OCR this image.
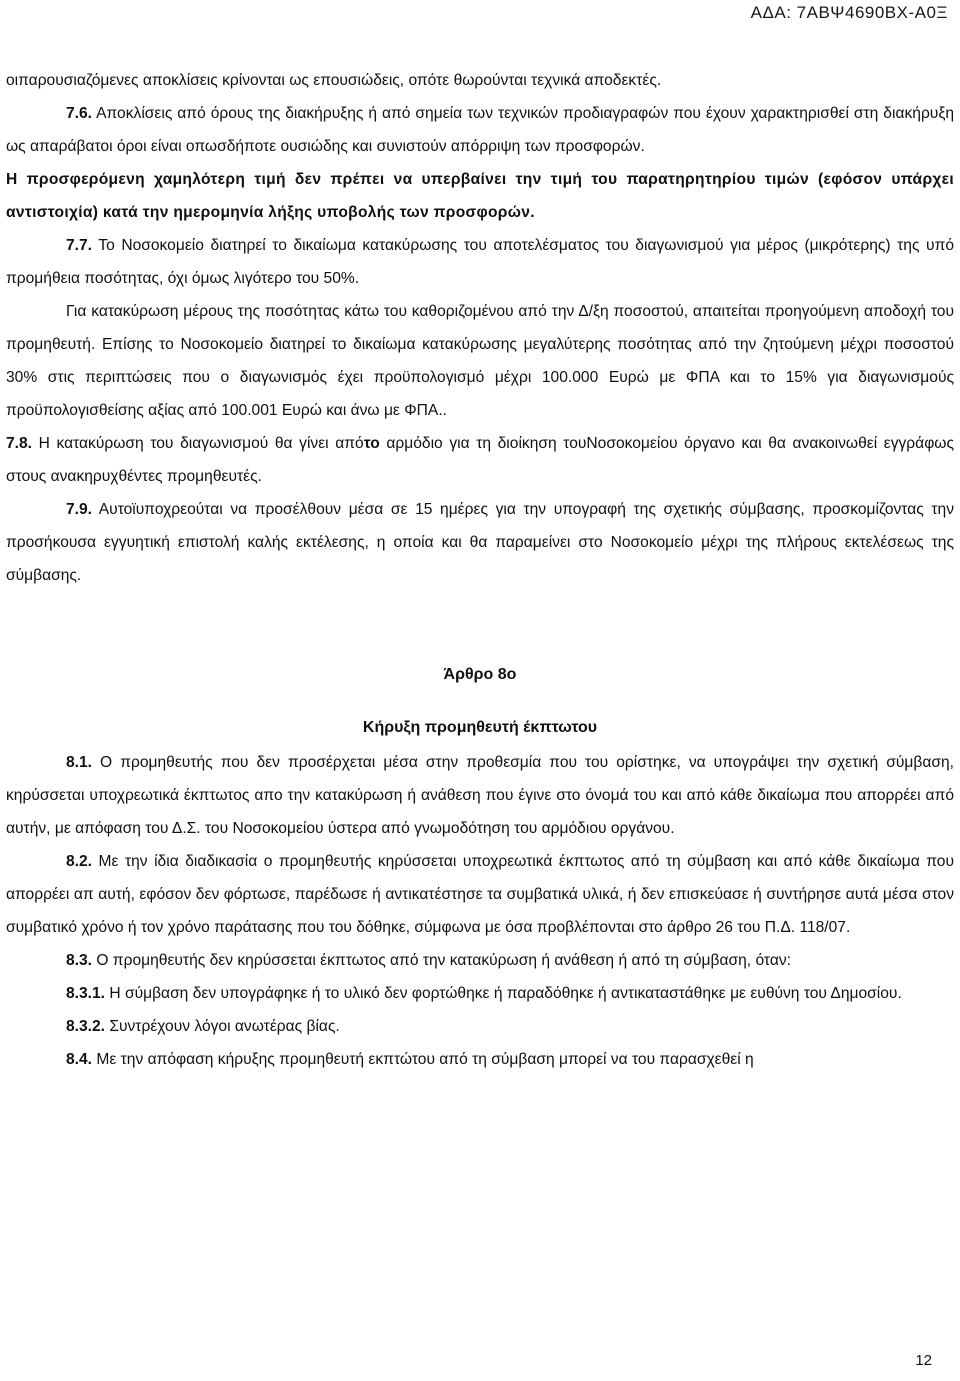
ΑΔΑ: 7ΑΒΨ4690ΒΧ-Α0Ξ

οιπαρουσιαζόμενες αποκλίσεις κρίνονται ως επουσιώδεις, οπότε θωρούνται τεχνικά αποδεκτές.

7.6. Αποκλίσεις από όρους της διακήρυξης ή από σημεία των τεχνικών προδιαγραφών που έχουν χαρακτηρισθεί στη διακήρυξη ως απαράβατοι όροι είναι οπωσδήποτε ουσιώδης και συνιστούν απόρριψη των προσφορών.

Η προσφερόμενη χαμηλότερη τιμή δεν πρέπει να υπερβαίνει την τιμή του παρατηρητηρίου τιμών (εφόσον υπάρχει αντιστοιχία) κατά την ημερομηνία λήξης υποβολής των προσφορών.

7.7. Το Νοσοκομείο διατηρεί το δικαίωμα κατακύρωσης του αποτελέσματος του διαγωνισμού για μέρος (μικρότερης) της υπό προμήθεια ποσότητας, όχι όμως λιγότερο του 50%.

Για κατακύρωση μέρους της ποσότητας κάτω του καθοριζομένου από την Δ/ξη ποσοστού, απαιτείται προηγούμενη αποδοχή του προμηθευτή. Επίσης το Νοσοκομείο διατηρεί το δικαίωμα κατακύρωσης μεγαλύτερης ποσότητας από την ζητούμενη μέχρι ποσοστού 30% στις περιπτώσεις που ο διαγωνισμός έχει προϋπολογισμό μέχρι 100.000 Ευρώ με ΦΠΑ και το 15% για διαγωνισμούς προϋπολογισθείσης αξίας από 100.001 Ευρώ και άνω με ΦΠΑ..

7.8. Η κατακύρωση του διαγωνισμού θα γίνει απότο αρμόδιο για τη διοίκηση τουΝοσοκομείου όργανο και θα ανακοινωθεί εγγράφως στους ανακηρυχθέντες προμηθευτές.

7.9. Αυτοϊυποχρεούται να προσέλθουν μέσα σε 15 ημέρες για την υπογραφή της σχετικής σύμβασης, προσκομίζοντας την προσήκουσα εγγυητική επιστολή καλής εκτέλεσης, η οποία και θα παραμείνει στο Νοσοκομείο μέχρι της πλήρους εκτελέσεως της σύμβασης.

Άρθρο 8ο

Κήρυξη προμηθευτή έκπτωτου

8.1. Ο προμηθευτής που δεν προσέρχεται μέσα στην προθεσμία που του ορίστηκε, να υπογράψει την σχετική σύμβαση, κηρύσσεται υποχρεωτικά έκπτωτος απο την κατακύρωση ή ανάθεση που έγινε στο όνομά του και από κάθε δικαίωμα που απορρέει από αυτήν, με απόφαση του Δ.Σ. του Νοσοκομείου ύστερα από γνωμοδότηση του αρμόδιου οργάνου.

8.2. Με την ίδια διαδικασία ο προμηθευτής κηρύσσεται υποχρεωτικά έκπτωτος από τη σύμβαση και από κάθε δικαίωμα που απορρέει απ αυτή, εφόσον δεν φόρτωσε, παρέδωσε ή αντικατέστησε τα συμβατικά υλικά, ή δεν επισκεύασε ή συντήρησε αυτά μέσα στον συμβατικό χρόνο ή τον χρόνο παράτασης που του δόθηκε, σύμφωνα με όσα προβλέπονται στο άρθρο 26 του Π.Δ. 118/07.

8.3. Ο προμηθευτής δεν κηρύσσεται έκπτωτος από την κατακύρωση ή ανάθεση ή από τη σύμβαση, όταν:

8.3.1. Η σύμβαση δεν υπογράφηκε ή το υλικό δεν φορτώθηκε ή παραδόθηκε ή αντικαταστάθηκε με ευθύνη του Δημοσίου.

8.3.2. Συντρέχουν λόγοι ανωτέρας βίας.

8.4. Με την απόφαση κήρυξης προμηθευτή εκπτώτου από τη σύμβαση μπορεί να του παρασχεθεί η

12
